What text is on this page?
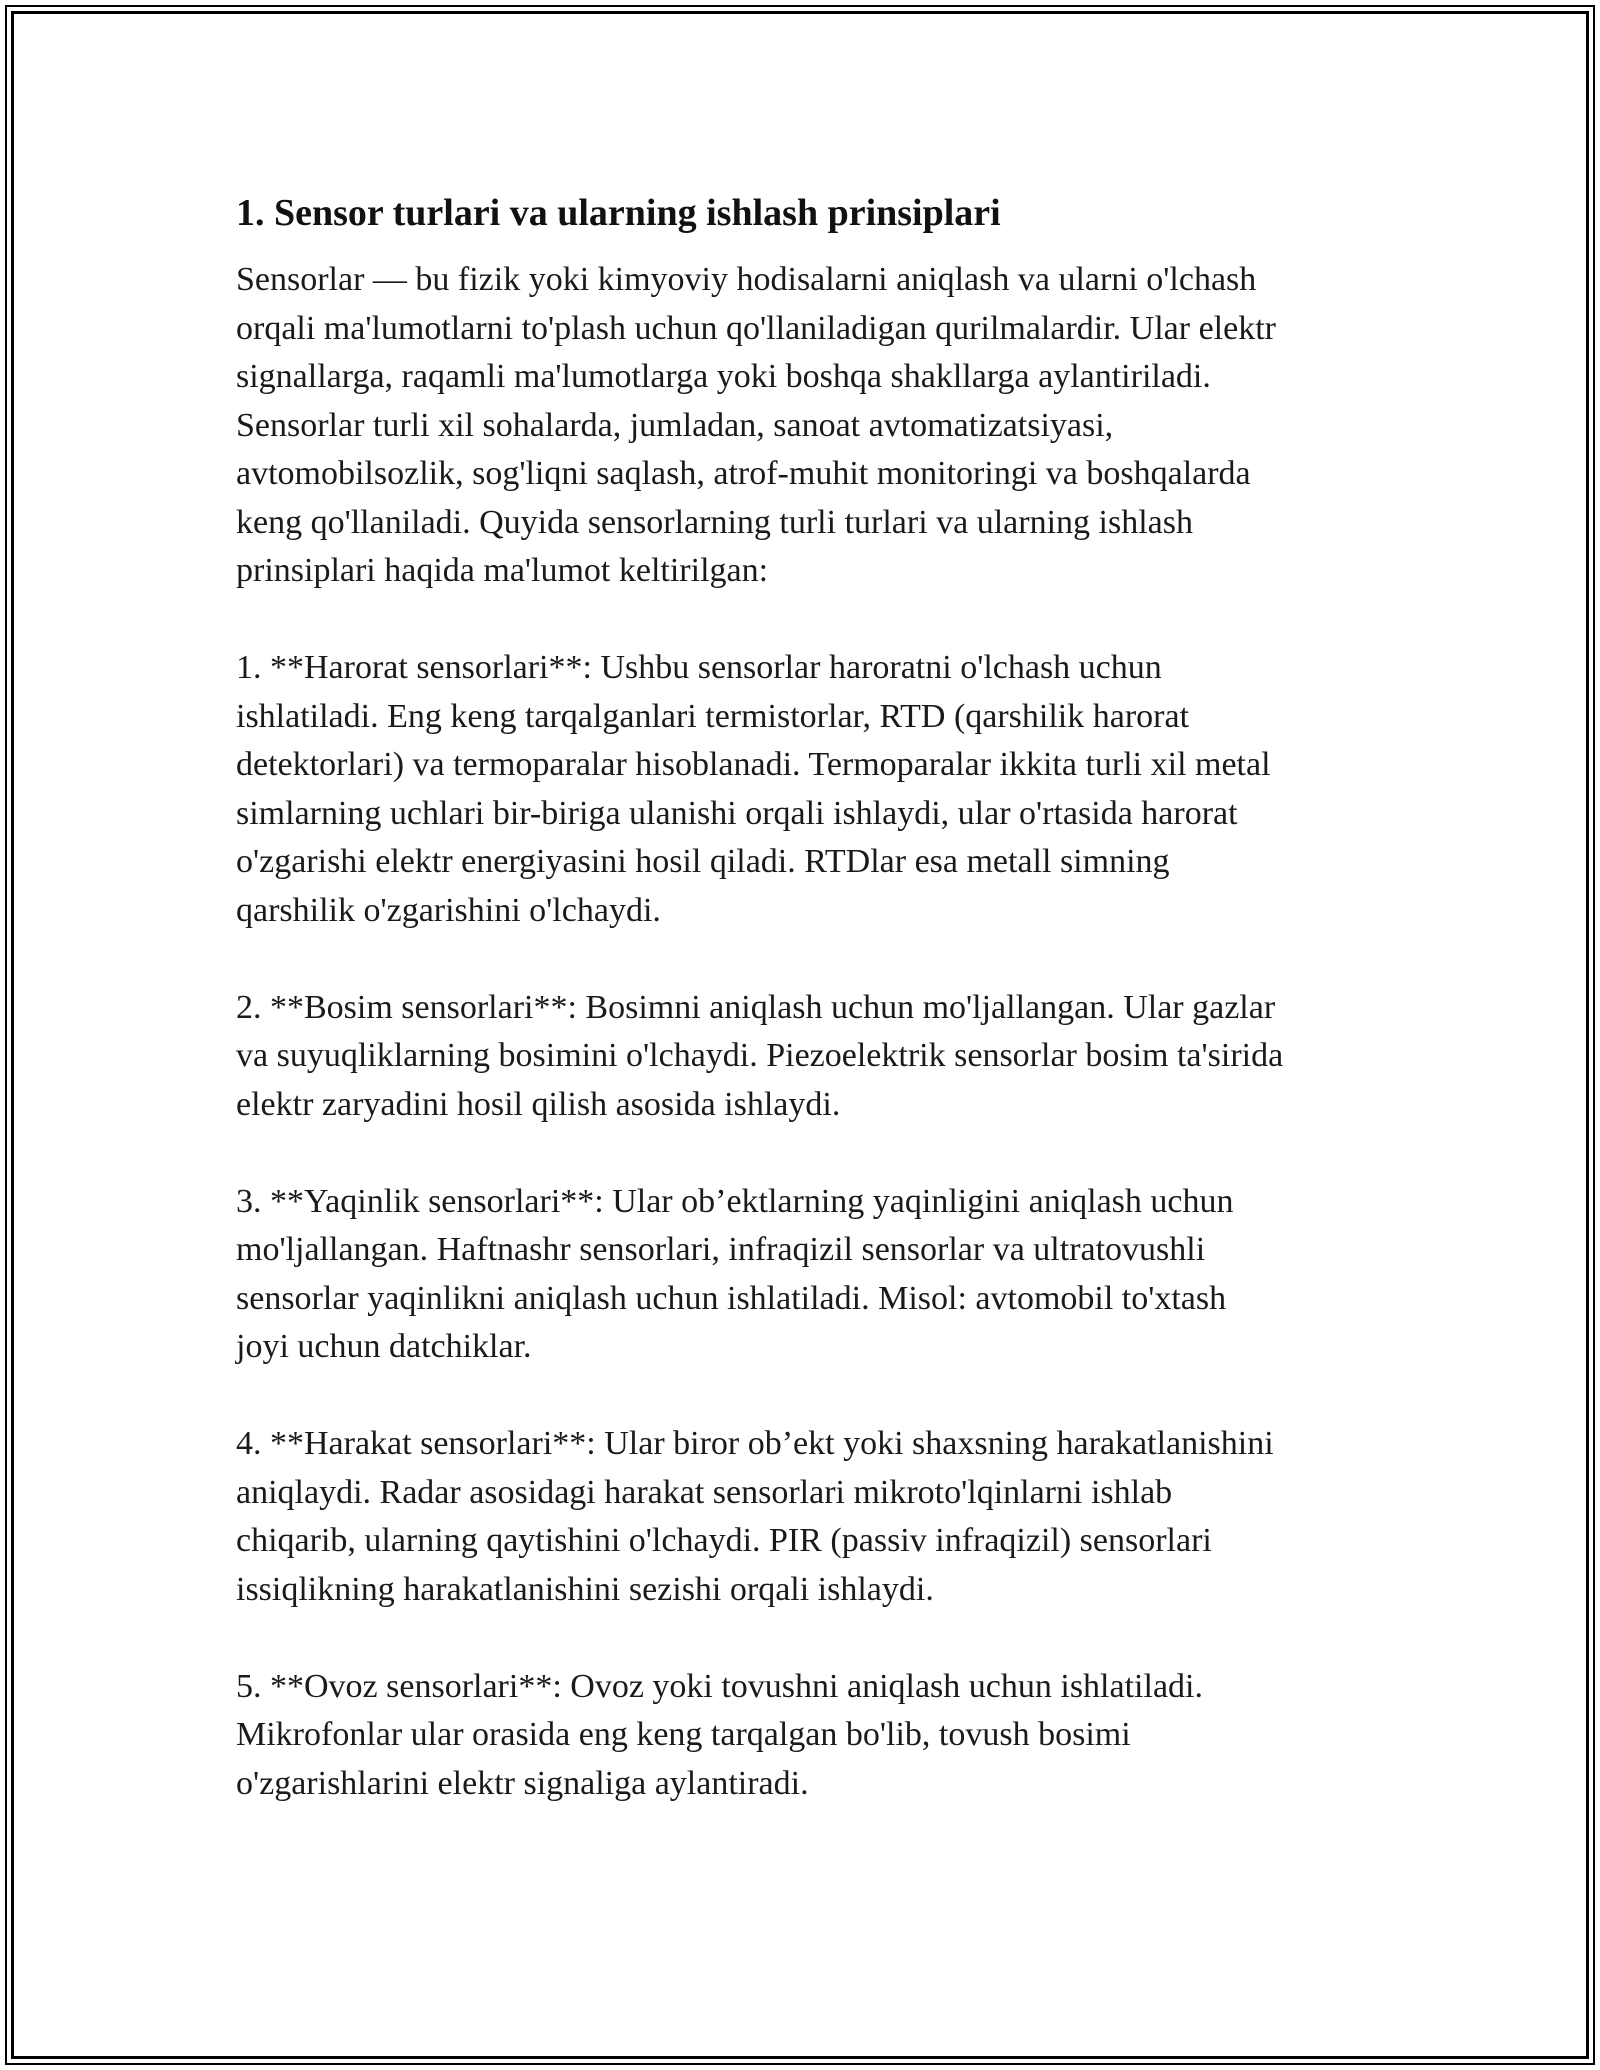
1. Sensor turlari va ularning ishlash prinsiplari

Sensorlar — bu fizik yoki kimyoviy hodisalarni aniqlash va ularni o'lchash
orqali ma'lumotlarni to'plash uchun qo'llaniladigan qurilmalardir. Ular elektr
signallarga, raqamli ma'lumotlarga yoki boshqa shakllarga aylantiriladi.
Sensorlar turli xil sohalarda, jumladan, sanoat avtomatizatsiyasi,
avtomobilsozlik, sog'liqni saqlash, atrof-muhit monitoringi va boshqalarda
keng qo'llaniladi. Quyida sensorlarning turli turlari va ularning ishlash
prinsiplari haqida ma'lumot keltirilgan:

1. **Harorat sensorlari**: Ushbu sensorlar haroratni o'lchash uchun
ishlatiladi. Eng keng tarqalganlari termistorlar, RTD (qarshilik harorat
detektorlari) va termoparalar hisoblanadi. Termoparalar ikkita turli xil metal
simlarning uchlari bir-biriga ulanishi orqali ishlaydi, ular o'rtasida harorat
o'zgarishi elektr energiyasini hosil qiladi. RTDlar esa metall simning
qarshilik o'zgarishini o'lchaydi.

2. **Bosim sensorlari**: Bosimni aniqlash uchun mo'ljallangan. Ular gazlar
va suyuqliklarning bosimini o'lchaydi. Piezoelektrik sensorlar bosim ta'sirida
elektr zaryadini hosil qilish asosida ishlaydi.

3. **Yaqinlik sensorlari**: Ular ob’ektlarning yaqinligini aniqlash uchun
mo'ljallangan. Haftnashr sensorlari, infraqizil sensorlar va ultratovushli
sensorlar yaqinlikni aniqlash uchun ishlatiladi. Misol: avtomobil to'xtash
joyi uchun datchiklar.

4. **Harakat sensorlari**: Ular biror ob’ekt yoki shaxsning harakatlanishini
aniqlaydi. Radar asosidagi harakat sensorlari mikroto'lqinlarni ishlab
chiqarib, ularning qaytishini o'lchaydi. PIR (passiv infraqizil) sensorlari
issiqlikning harakatlanishini sezishi orqali ishlaydi.

5. **Ovoz sensorlari**: Ovoz yoki tovushni aniqlash uchun ishlatiladi.
Mikrofonlar ular orasida eng keng tarqalgan bo'lib, tovush bosimi
o'zgarishlarini elektr signaliga aylantiradi.
